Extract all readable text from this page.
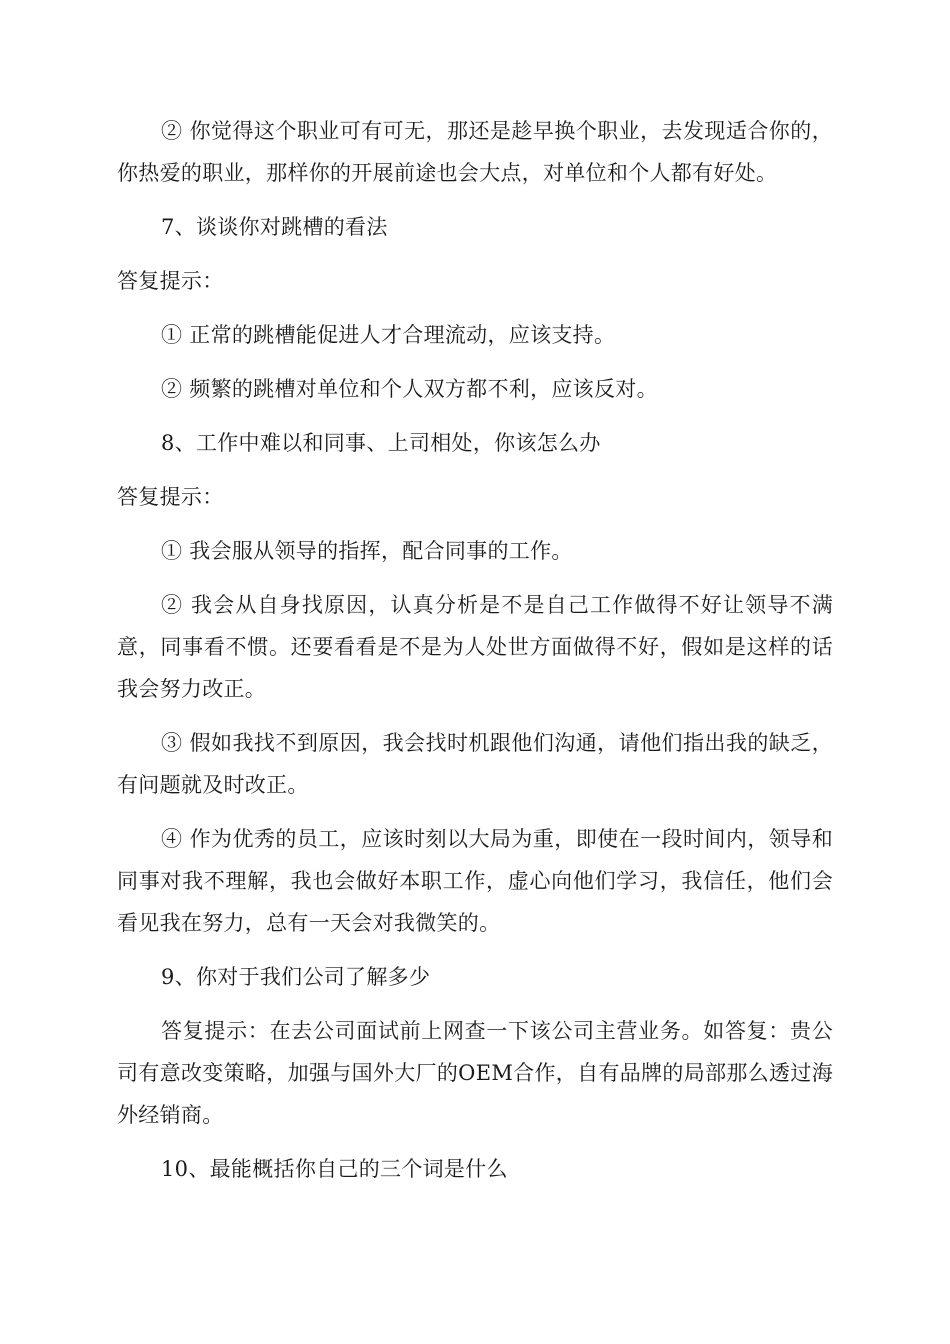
② 你觉得这个职业可有可无，那还是趁早换个职业，去发现适合你的，你热爱的职业，那样你的开展前途也会大点，对单位和个人都有好处。

7、谈谈你对跳槽的看法

答复提示：

① 正常的跳槽能促进人才合理流动，应该支持。

② 频繁的跳槽对单位和个人双方都不利，应该反对。

8、工作中难以和同事、上司相处，你该怎么办

答复提示：

① 我会服从领导的指挥，配合同事的工作。

② 我会从自身找原因，认真分析是不是自己工作做得不好让领导不满意，同事看不惯。还要看看是不是为人处世方面做得不好，假如是这样的话我会努力改正。

③ 假如我找不到原因，我会找时机跟他们沟通，请他们指出我的缺乏，有问题就及时改正。

④ 作为优秀的员工，应该时刻以大局为重，即使在一段时间内，领导和同事对我不理解，我也会做好本职工作，虚心向他们学习，我信任，他们会看见我在努力，总有一天会对我微笑的。

9、你对于我们公司了解多少

答复提示：在去公司面试前上网查一下该公司主营业务。如答复：贵公司有意改变策略，加强与国外大厂的OEM合作，自有品牌的局部那么透过海外经销商。

10、最能概括你自己的三个词是什么
